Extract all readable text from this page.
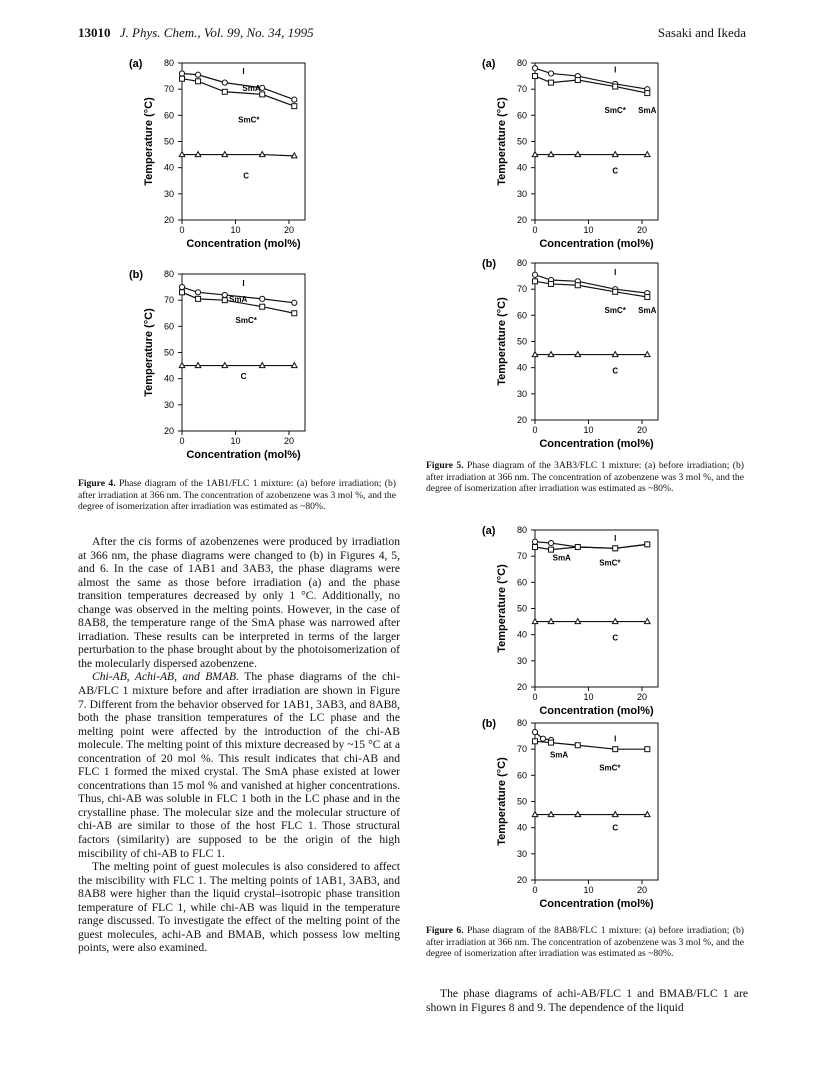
13010 J. Phys. Chem., Vol. 99, No. 34, 1995	Sasaki and Ikeda
(a)
20
30
40
50
60
70
80
0	10	20
Concentration (mol%)
Temperature (°C)
I
SmA
SmC*
C
(b)
20
30
40
50
60
70
80
0	10	20
Concentration (mol%)
Temperature (°C)
I
SmA
SmC*
C
(a)
20
30
40
50
60
70
80
0	10	20
Concentration (mol%)
Temperature (°C)
I
SmC* SmA
C
(b)
20
30
40
50
60
70
80
0	10	20
Concentration (mol%)
Temperature (°C)
I
SmC* SmA
C
(a)
20
30
40
50
60
70
80
0	10	20
Concentration (mol%)
Temperature (°C)
I
SmA
SmC*
C
(b)
20
30
40
50
60
70
80
0	10	20
Concentration (mol%)
Temperature (°C)
I
SmA
SmC*
C
Figure 4. Phase diagram of the 1AB1/FLC 1 mixture: (a) before irradiation; (b) after irradiation at 366 nm. The concentration of azobenzene was 3 mol %, and the degree of isomerization after irradiation was estimated as ~80%.
Figure 5. Phase diagram of the 3AB3/FLC 1 mixture: (a) before irradiation; (b) after irradiation at 366 nm. The concentration of azobenzene was 3 mol %, and the degree of isomerization after irradiation was estimated as ~80%.
Figure 6. Phase diagram of the 8AB8/FLC 1 mixture: (a) before irradiation; (b) after irradiation at 366 nm. The concentration of azobenzene was 3 mol %, and the degree of isomerization after irradiation was estimated as ~80%.

After the cis forms of azobenzenes were produced by irradiation at 366 nm, the phase diagrams were changed to (b) in Figures 4, 5, and 6. In the case of 1AB1 and 3AB3, the phase diagrams were almost the same as those before irradiation (a) and the phase transition temperatures decreased by only 1 °C. Additionally, no change was observed in the melting points. However, in the case of 8AB8, the temperature range of the SmA phase was narrowed after irradiation. These results can be interpreted in terms of the larger perturbation to the phase brought about by the photoisomerization of the molecularly dispersed azobenzene.

Chi-AB, Achi-AB, and BMAB. The phase diagrams of the chi-AB/FLC 1 mixture before and after irradiation are shown in Figure 7. Different from the behavior observed for 1AB1, 3AB3, and 8AB8, both the phase transition temperatures of the LC phase and the melting point were affected by the introduction of the chi-AB molecule. The melting point of this mixture decreased by ~15 °C at a concentration of 20 mol %. This result indicates that chi-AB and FLC 1 formed the mixed crystal. The SmA phase existed at lower concentrations than 15 mol % and vanished at higher concentrations. Thus, chi-AB was soluble in FLC 1 both in the LC phase and in the crystalline phase. The molecular size and the molecular structure of chi-AB are similar to those of the host FLC 1. Those structural factors (similarity) are supposed to be the origin of the high miscibility of chi-AB to FLC 1.

The melting point of guest molecules is also considered to affect the miscibility with FLC 1. The melting points of 1AB1, 3AB3, and 8AB8 were higher than the liquid crystal–isotropic phase transition temperature of FLC 1, while chi-AB was liquid in the temperature range discussed. To investigate the effect of the melting point of the guest molecules, achi-AB and BMAB, which possess low melting points, were also examined.

The phase diagrams of achi-AB/FLC 1 and BMAB/FLC 1 are shown in Figures 8 and 9. The dependence of the liquid
